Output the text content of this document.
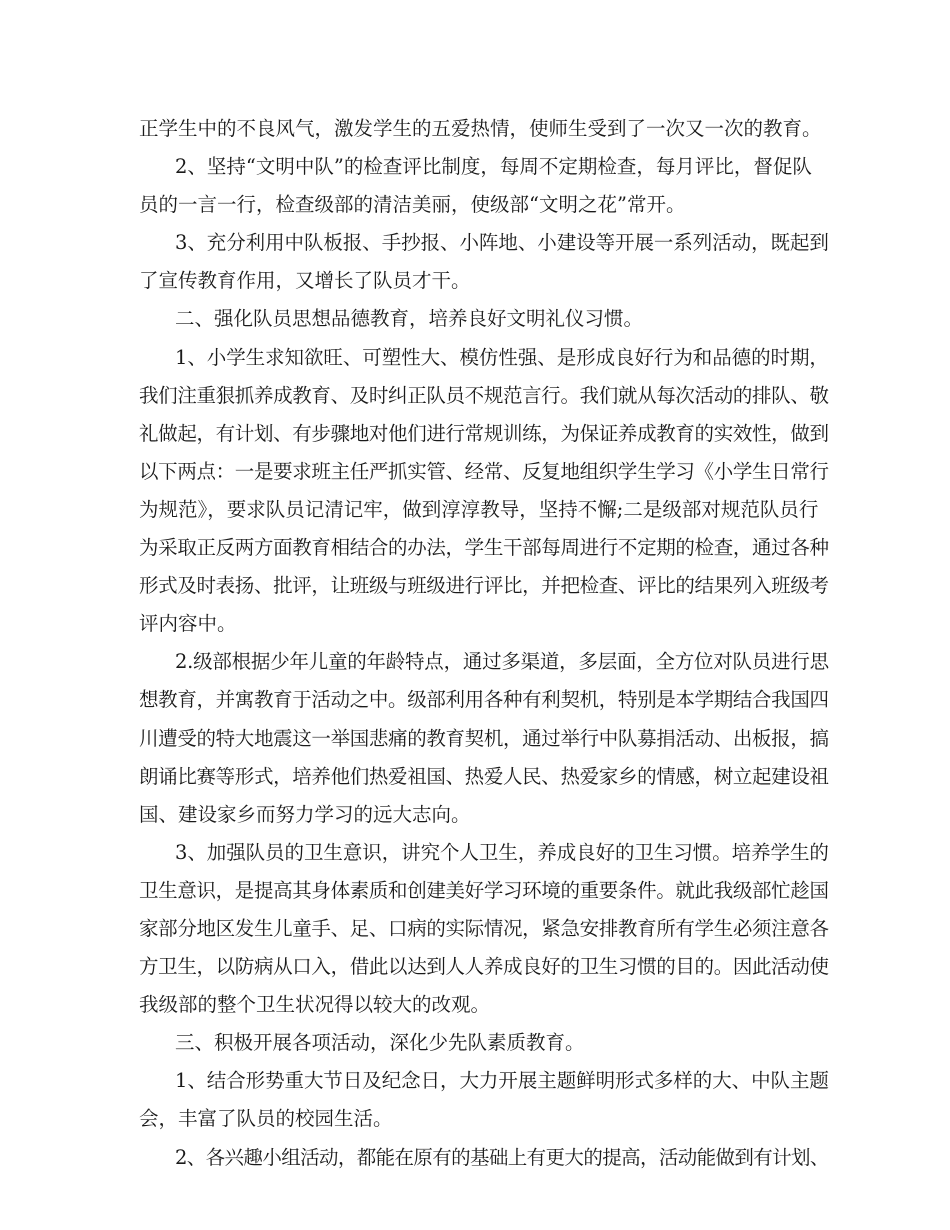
正学生中的不良风气，激发学生的五爱热情，使师生受到了一次又一次的教育。
2、坚持“文明中队”的检查评比制度，每周不定期检查，每月评比，督促队
员的一言一行，检查级部的清洁美丽，使级部“文明之花”常开。
3、充分利用中队板报、手抄报、小阵地、小建设等开展一系列活动，既起到
了宣传教育作用，又增长了队员才干。
二、强化队员思想品德教育，培养良好文明礼仪习惯。
1、小学生求知欲旺、可塑性大、模仿性强、是形成良好行为和品德的时期，
我们注重狠抓养成教育、及时纠正队员不规范言行。我们就从每次活动的排队、敬
礼做起，有计划、有步骤地对他们进行常规训练，为保证养成教育的实效性，做到
以下两点：一是要求班主任严抓实管、经常、反复地组织学生学习《小学生日常行
为规范》，要求队员记清记牢，做到淳淳教导，坚持不懈;二是级部对规范队员行
为采取正反两方面教育相结合的办法，学生干部每周进行不定期的检查，通过各种
形式及时表扬、批评，让班级与班级进行评比，并把检查、评比的结果列入班级考
评内容中。
2.级部根据少年儿童的年龄特点，通过多渠道，多层面，全方位对队员进行思
想教育，并寓教育于活动之中。级部利用各种有利契机，特别是本学期结合我国四
川遭受的特大地震这一举国悲痛的教育契机，通过举行中队募捐活动、出板报，搞
朗诵比赛等形式，培养他们热爱祖国、热爱人民、热爱家乡的情感，树立起建设祖
国、建设家乡而努力学习的远大志向。
3、加强队员的卫生意识，讲究个人卫生，养成良好的卫生习惯。培养学生的
卫生意识，是提高其身体素质和创建美好学习环境的重要条件。就此我级部忙趁国
家部分地区发生儿童手、足、口病的实际情况，紧急安排教育所有学生必须注意各
方卫生，以防病从口入，借此以达到人人养成良好的卫生习惯的目的。因此活动使
我级部的整个卫生状况得以较大的改观。
三、积极开展各项活动，深化少先队素质教育。
1、结合形势重大节日及纪念日，大力开展主题鲜明形式多样的大、中队主题
会，丰富了队员的校园生活。
2、各兴趣小组活动，都能在原有的基础上有更大的提高，活动能做到有计划、
